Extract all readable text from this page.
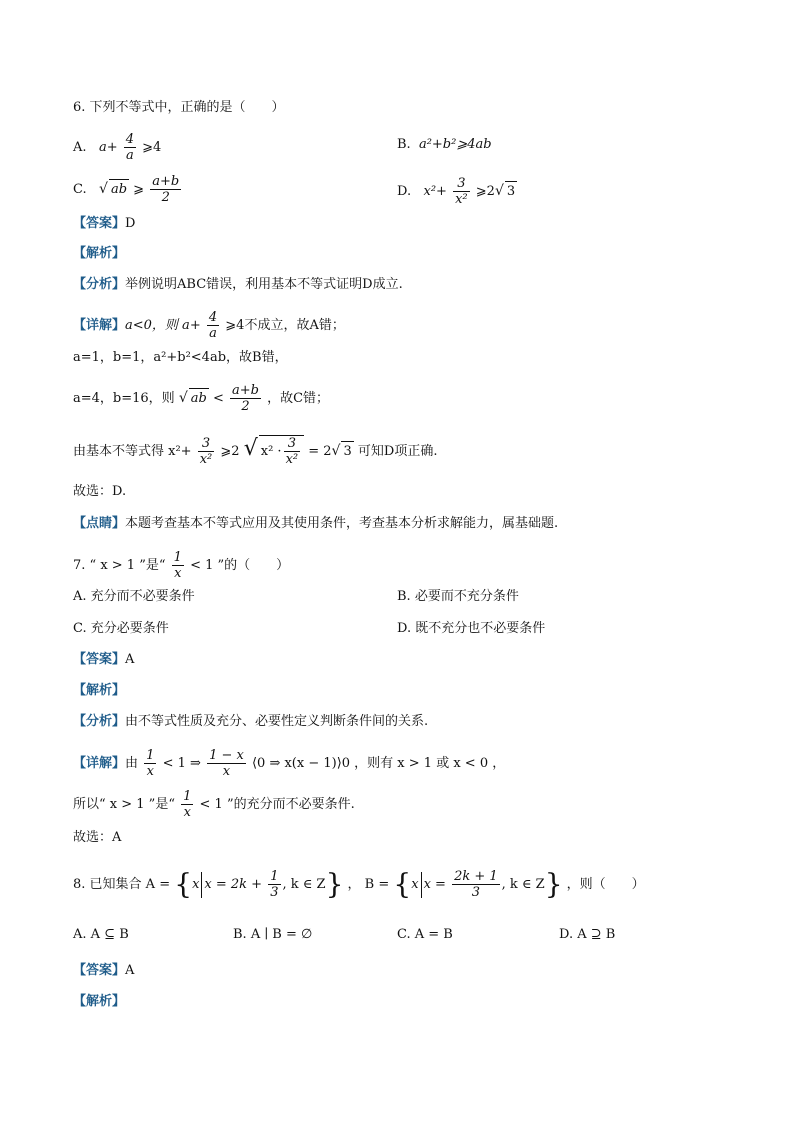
6. 下列不等式中，正确的是（　　）
A. $a+ \frac{4}{a}$ ⩾4	B. a²+b²⩾4ab
C. √ ab ⩾ $\frac{a+b}{2}$	D. $x^2+ \frac{3}{\text{x²}}$ ⩾2√ 3
【答案】D
【解析】
【分析】举例说明ABC错误，利用基本不等式证明D成立.
【详解】a<0，则 $a+ \frac{4}{a}$ ⩾4不成立，故A错；
a=1，b=1，a²+b²<4ab，故B错，
a=4，b=16，则 √ ab < $\frac{a+b}{2}$ ，故C错；
由基本不等式得 $x^2+ \frac{3}{\text{x²}}$ ⩾2 √ $x^2 \cdot \frac{3}{\text{x²}} = 2√$ 3 可知D项正确.
故选：D.
【点睛】本题考查基本不等式应用及其使用条件，考查基本分析求解能力，属基础题.
7. “ x > 1 ”是“ $\frac{1}{x} < 1$ ”的（　　）
A. 充分而不必要条件	B. 必要而不充分条件
C. 充分必要条件	D. 既不充分也不必要条件
【答案】A
【解析】
【分析】由不等式性质及充分、必要性定义判断条件间的关系.
【详解】由 $\frac{1}{x} < 1$ ⇒ $\frac{1 - x}{x}$ ⟨0 ⇒ x(x − 1)⟩0 ，则有 x > 1 或 x < 0 ，
所以“ x > 1 ”是“ $\frac{1}{x} < 1$ ”的充分而不必要条件.
故选：A
8. 已知集合 A = {x $x = 2k + \frac{1}{3}$ , k ∈ Z} ， B = {x $x = \frac{2k + 1}{3}$ , k ∈ Z} ，则（　　）
A. A ⊆ B	B. A ∣ B = ∅	C. A = B	D. A ⊇ B
【答案】A
【解析】
